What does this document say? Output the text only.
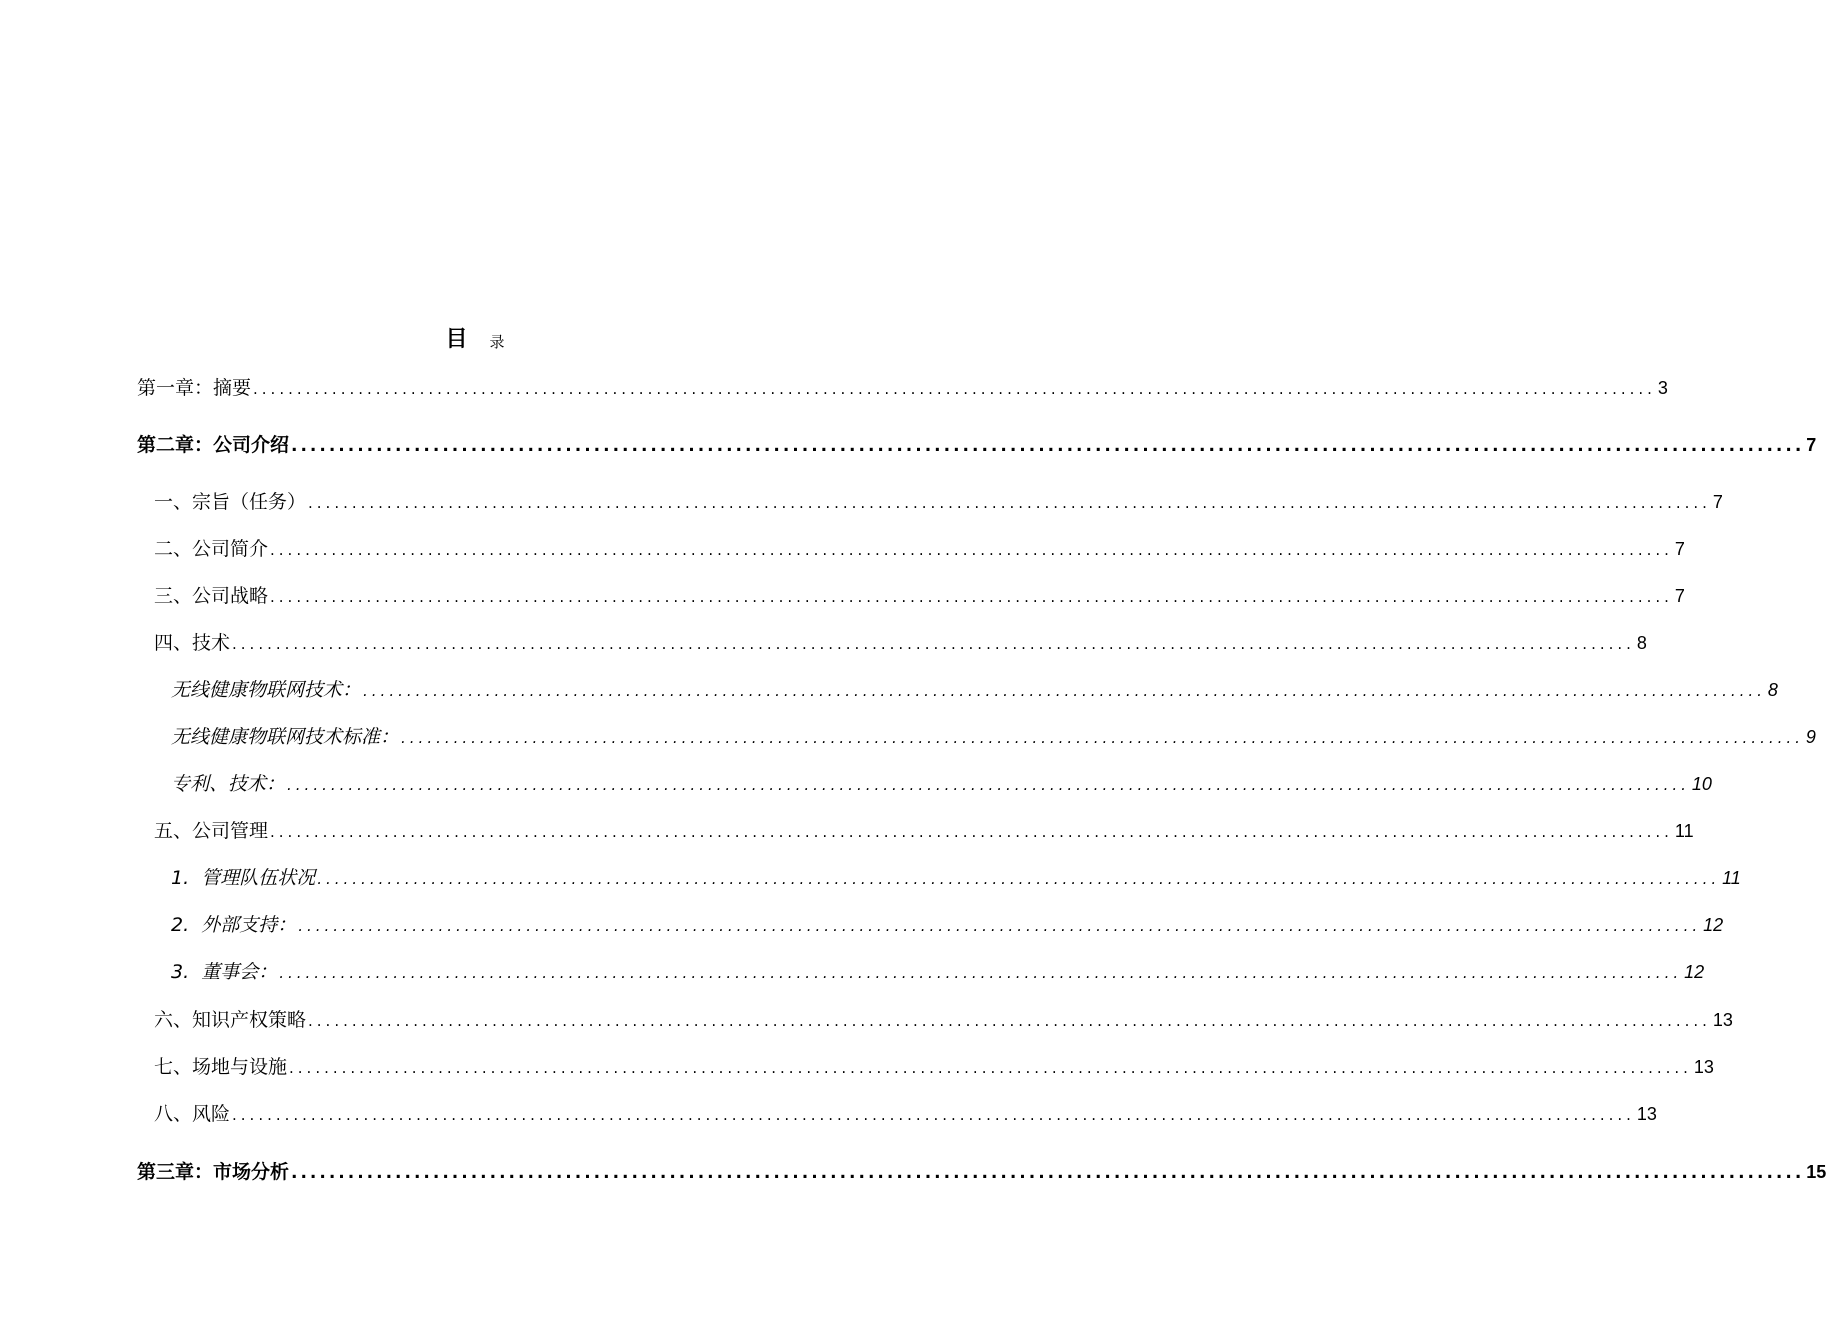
目 录
第一章：摘要 ................................................................................................................................................................ 3
第二章：公司介绍 ................................................................................................................................................................ 7
一、宗旨（任务） ................................................................................................................................................................ 7
二、公司简介 ................................................................................................................................................................ 7
三、公司战略 ................................................................................................................................................................ 7
四、技术 ................................................................................................................................................................ 8
无线健康物联网技术： ................................................................................................................................................................ 8
无线健康物联网技术标准： ................................................................................................................................................................ 9
专利、技术： ................................................................................................................................................................ 10
五、公司管理 ................................................................................................................................................................ 11
1.  管理队伍状况 ................................................................................................................................................................ 11
2.  外部支持： ................................................................................................................................................................ 12
3.  董事会： ................................................................................................................................................................ 12
六、知识产权策略 ................................................................................................................................................................ 13
七、场地与设施 ................................................................................................................................................................ 13
八、风险 ................................................................................................................................................................ 13
第三章：市场分析 ................................................................................................................................................................ 15
